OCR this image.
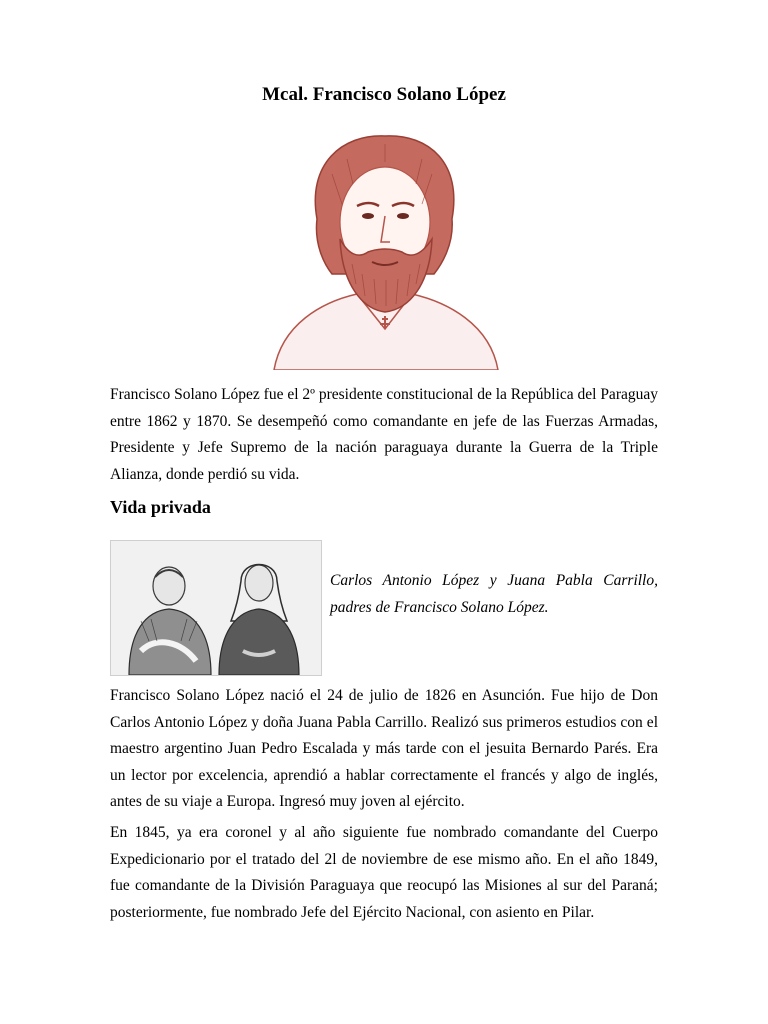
Mcal. Francisco Solano López

Francisco Solano López fue el 2º presidente constitucional de la República del Paraguay entre 1862 y 1870. Se desempeñó como comandante en jefe de las Fuerzas Armadas, Presidente y Jefe Supremo de la nación paraguaya durante la Guerra de la Triple Alianza, donde perdió su vida.

Vida privada

Carlos Antonio López y Juana Pabla Carrillo, padres de Francisco Solano López.

Francisco Solano López nació el 24 de julio de 1826 en Asunción. Fue hijo de Don Carlos Antonio López y doña Juana Pabla Carrillo. Realizó sus primeros estudios con el maestro argentino Juan Pedro Escalada y más tarde con el jesuita Bernardo Parés. Era un lector por excelencia, aprendió a hablar correctamente el francés y algo de inglés, antes de su viaje a Europa. Ingresó muy joven al ejército.

En 1845, ya era coronel y al año siguiente fue nombrado comandante del Cuerpo Expedicionario por el tratado del 2l de noviembre de ese mismo año. En el año 1849, fue comandante de la División Paraguaya que reocupó las Misiones al sur del Paraná; posteriormente, fue nombrado Jefe del Ejército Nacional, con asiento en Pilar.
